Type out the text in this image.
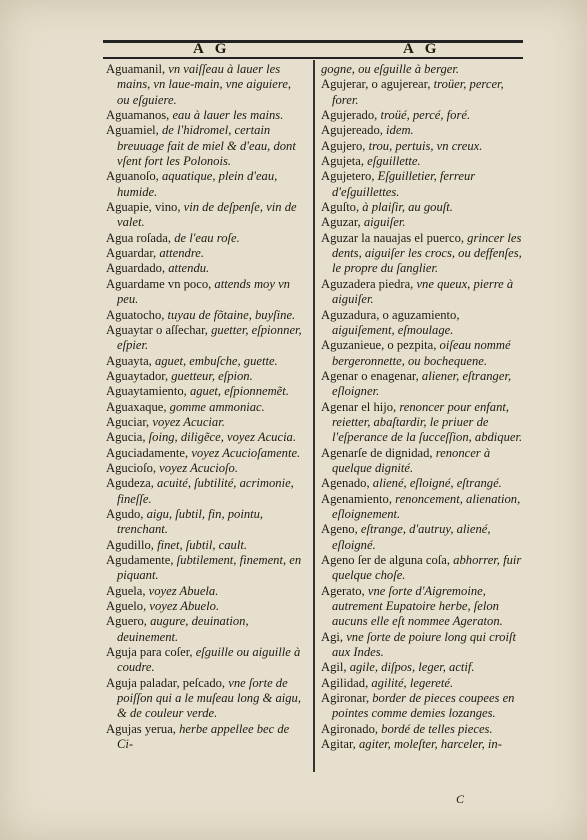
A G	A G

Aguamanil, vn vaiſſeau à lauer les mains, vn laue-main, vne aiguiere, ou eſguiere.

Aguamanos, eau à lauer les mains.

Aguamiel, de l'hidromel, certain breuuage fait de miel & d'eau, dont vſent fort les Polonois.

Aguanoſo, aquatique, plein d'eau, humide.

Aguapie, vino, vin de deſpenſe, vin de valet.

Agua roſada, de l'eau roſe.

Aguardar, attendre.

Aguardado, attendu.

Aguardame vn poco, attends moy vn peu.

Aguatocho, tuyau de fõtaine, buyſine.

Aguaytar o aſſechar, guetter, eſpionner, eſpier.

Aguayta, aguet, embuſche, guette.

Aguaytador, guetteur, eſpion.

Aguaytamiento, aguet, eſpionnemẽt.

Aguaxaque, gomme ammoniac.

Aguciar, voyez Acuciar.

Agucia, ſoing, diligẽce, voyez Acucia.

Aguciadamente, voyez Acucioſamente.

Agucioſo, voyez Acucioſo.

Agudeza, acuité, ſubtilité, acrimonie, fineſſe.

Agudo, aigu, ſubtil, fin, pointu, trenchant.

Agudillo, finet, ſubtil, cault.

Agudamente, ſubtilement, finement, en piquant.

Aguela, voyez Abuela.

Aguelo, voyez Abuelo.

Aguero, augure, deuination, deuinement.

Aguja para coſer, eſguille ou aiguille à coudre.

Aguja paladar, peſcado, vne ſorte de poiſſon qui a le muſeau long & aigu, & de couleur verde.

Agujas yerua, herbe appellee bec de Ci-

gogne, ou eſguille à berger.

Agujerar, o agujerear, troüer, percer, forer.

Agujerado, troüé, percé, foré.

Agujereado, idem.

Agujero, trou, pertuis, vn creux.

Agujeta, eſguillette.

Agujetero, Eſguilletier, ferreur d'eſguillettes.

Aguſto, à plaiſir, au gouſt.

Aguzar, aiguiſer.

Aguzar la nauajas el puerco, grincer les dents, aiguiſer les crocs, ou deffenſes, le propre du ſanglier.

Aguzadera piedra, vne queux, pierre à aiguiſer.

Aguzadura, o aguzamiento, aiguiſement, eſmoulage.

Aguzanieue, o pezpita, oiſeau nommé bergeronnette, ou bochequene.

Agenar o enagenar, aliener, eſtranger, eſloigner.

Agenar el hijo, renoncer pour enfant, reietter, abaſtardir, le priuer de l'eſperance de la ſucceſſion, abdiquer.

Agenarſe de dignidad, renoncer à quelque dignité.

Agenado, aliené, eſloigné, eſtrangé.

Agenamiento, renoncement, alienation, eſloignement.

Ageno, eſtrange, d'autruy, aliené, eſloigné.

Ageno ſer de alguna coſa, abhorrer, fuir quelque choſe.

Agerato, vne ſorte d'Aigremoine, autrement Eupatoire herbe, ſelon aucuns elle eſt nommee Ageraton.

Agi, vne ſorte de poiure long qui croiſt aux Indes.

Agil, agile, diſpos, leger, actif.

Agilidad, agilité, legereté.

Agironar, border de pieces coupees en pointes comme demies lozanges.

Agironado, bordé de telles pieces.

Agitar, agiter, moleſter, harceler, in-

C
